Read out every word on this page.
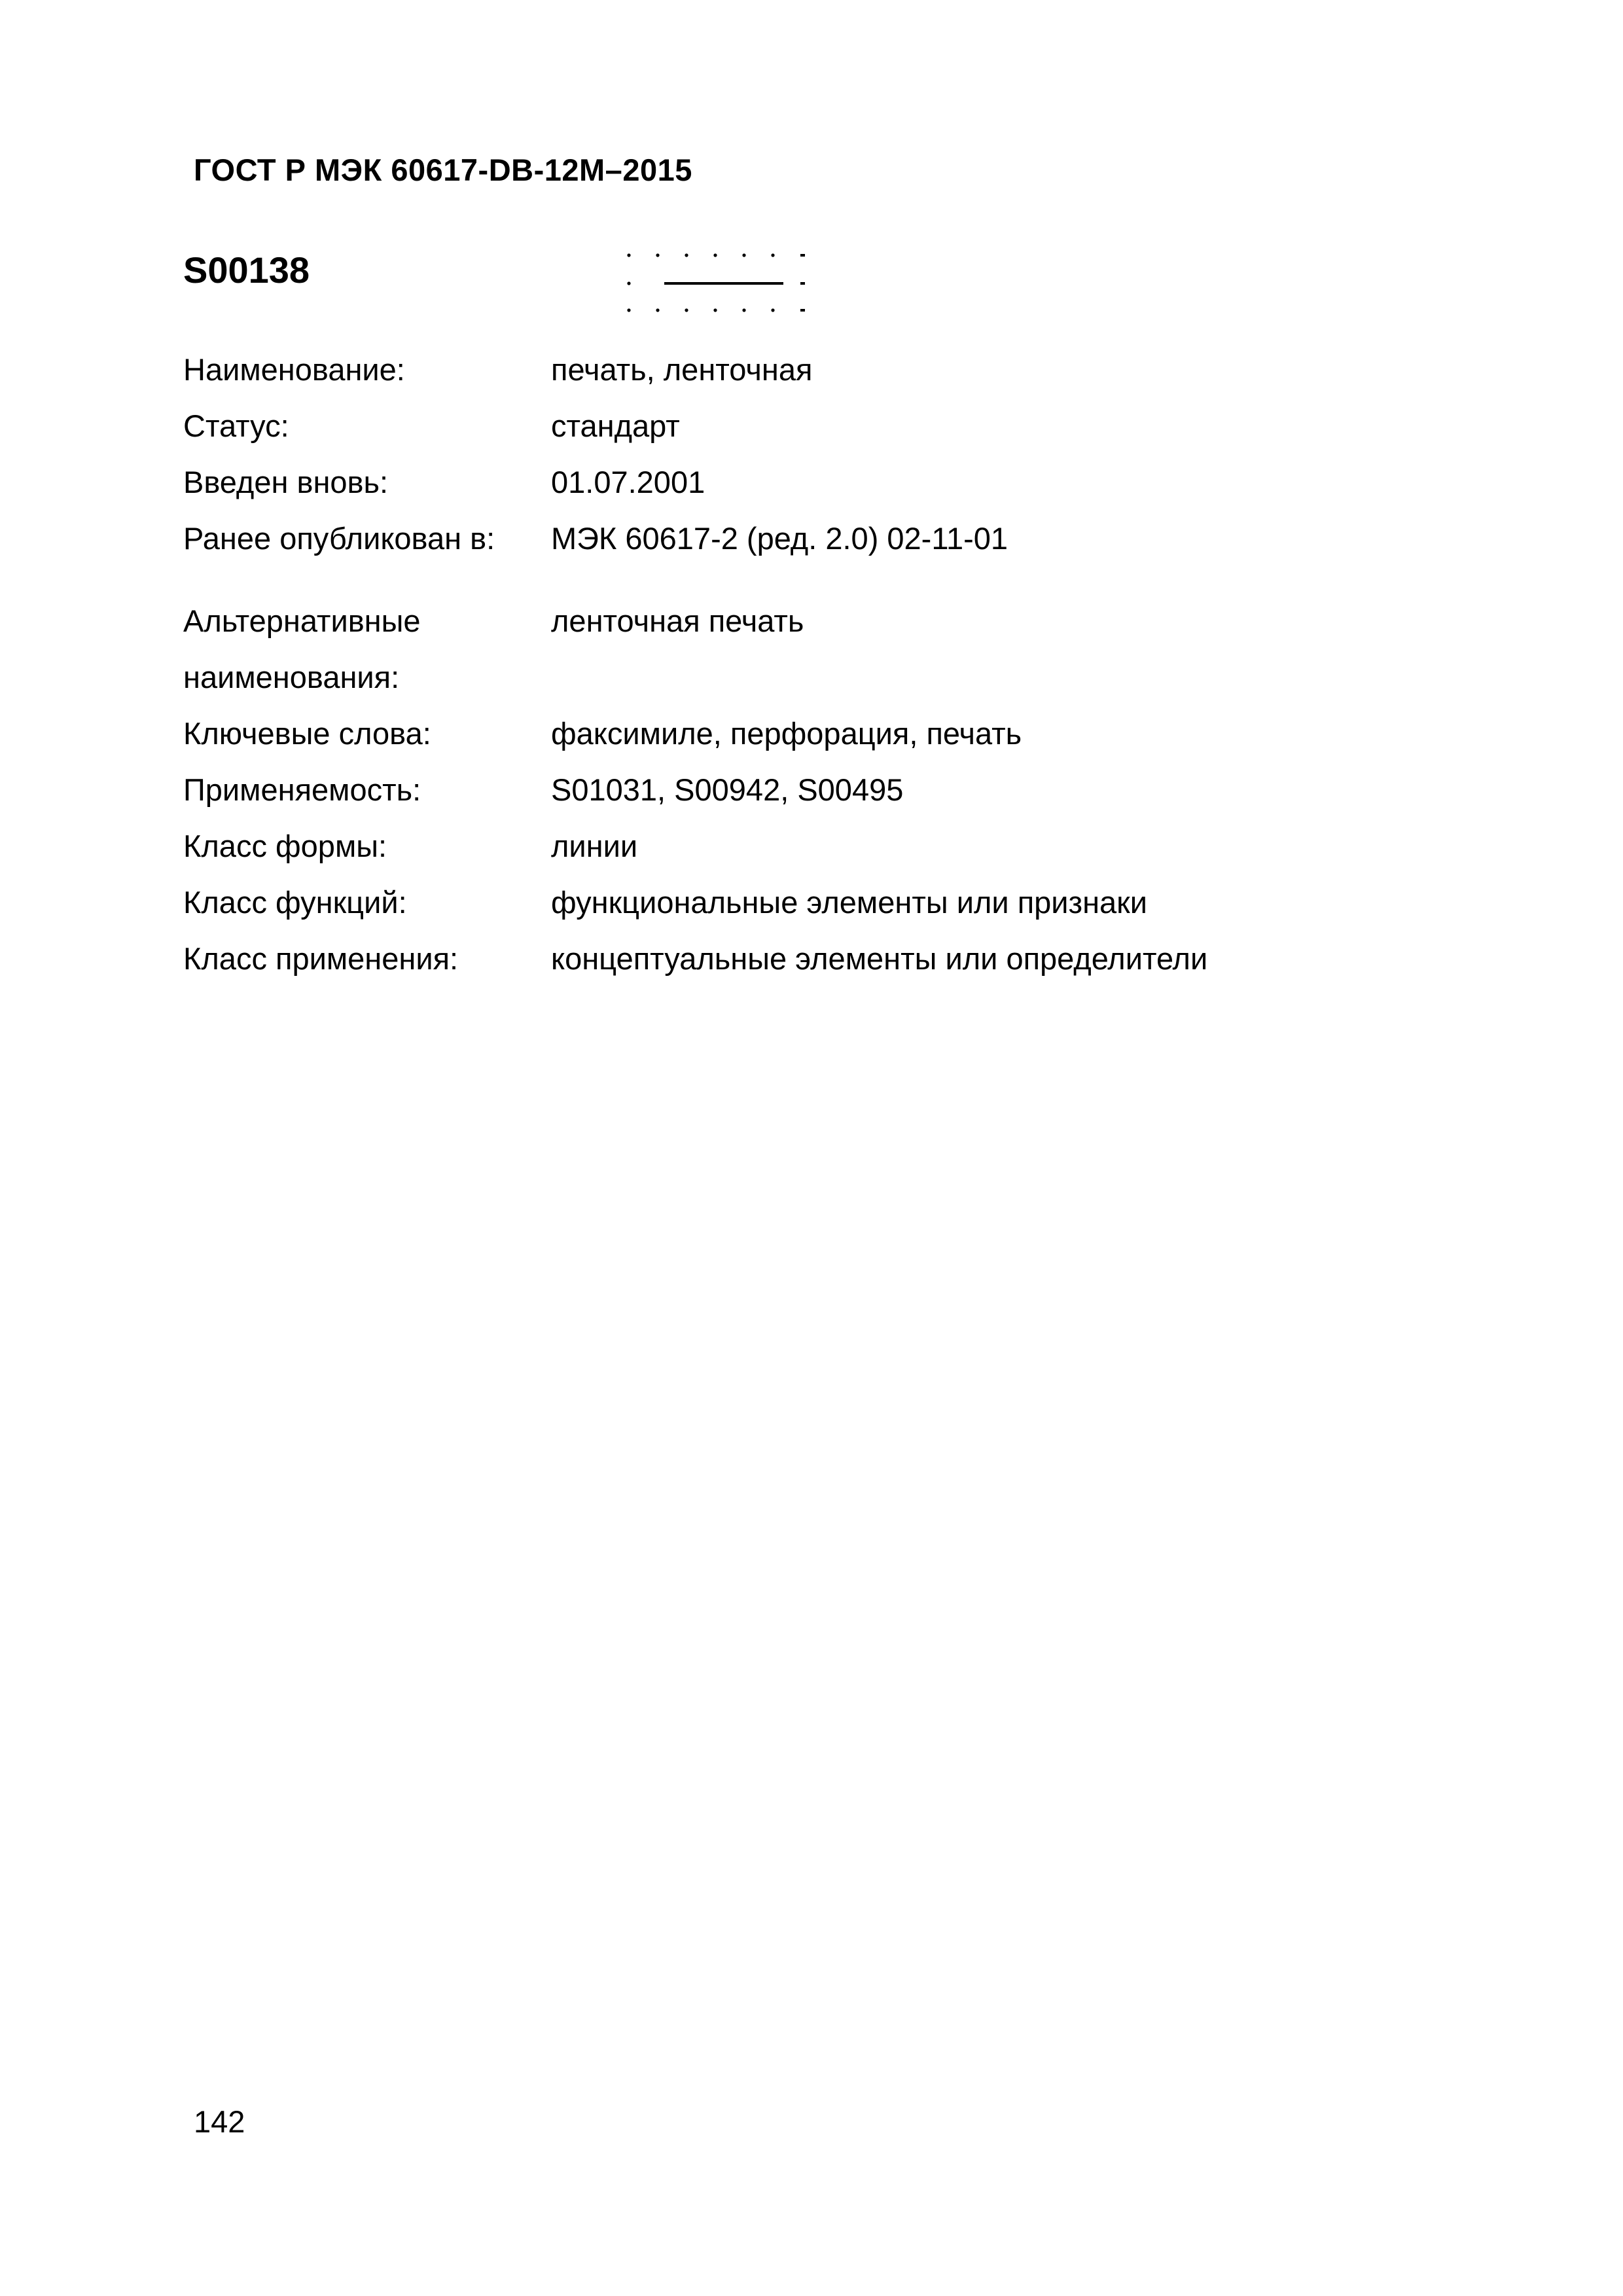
ГОСТ Р МЭК 60617-DB-12M–2015
S00138
Наименование:	печать, ленточная
Статус:	стандарт
Введен вновь:	01.07.2001
Ранее опубликован в: МЭК 60617-2 (ред. 2.0) 02-11-01
Альтернативные	ленточная печать
наименования:
Ключевые слова:	факсимиле, перфорация, печать
Применяемость:	S01031, S00942, S00495
Класс формы:	линии
Класс функций:	функциональные элементы или признаки
Класс применения:	концептуальные элементы или определители
142
